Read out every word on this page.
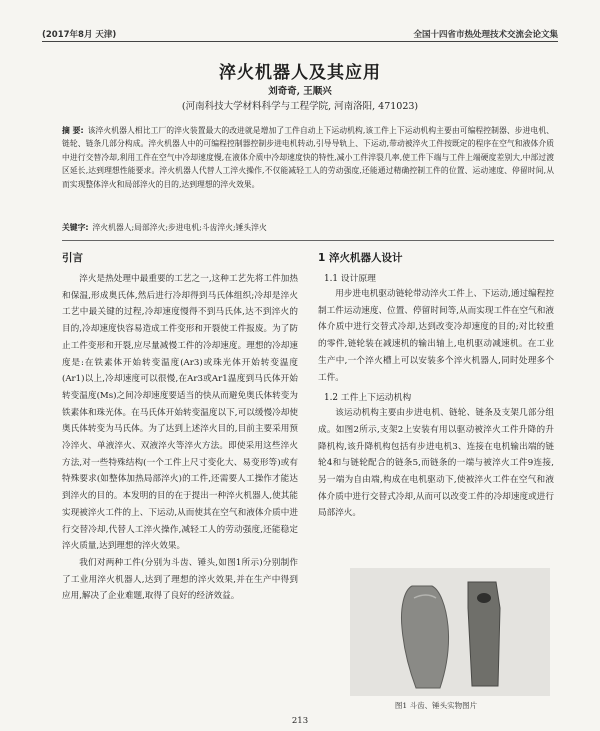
(2017年8月 天津)	全国十四省市热处理技术交流会论文集
淬火机器人及其应用
刘奇奇, 王顺兴
(河南科技大学材料科学与工程学院, 河南洛阳, 471023)
摘 要: 该淬火机器人相比工厂的淬火装置最大的改进就是增加了工件自动上下运动机构,该工件上下运动机构主要由可编程控制器、步进电机、链轮、链条几部分构成。淬火机器人中的可编程控制器控制步进电机转动,引导导轨上、下运动,带动被淬火工件按既定的程序在空气和液体介质中进行交替冷却,利用工件在空气中冷却速度慢,在液体介质中冷却速度快的特性,减小工件淬裂几率,使工件下端与工件上端硬度差别大,中部过渡区延长,达到理想性能要求。淬火机器人代替人工淬火操作,不仅能减轻工人的劳动强度,还能通过精确控制工件的位置、运动速度、停留时间,从而实现整体淬火和局部淬火的目的,达到理想的淬火效果。
关键字: 淬火机器人;局部淬火;步进电机;斗齿淬火;锤头淬火
引言

淬火是热处理中最重要的工艺之一,这种工艺先将工件加热和保温,形成奥氏体,然后进行冷却得到马氏体组织;冷却是淬火工艺中最关键的过程,冷却速度慢得不到马氏体,达不到淬火的目的,冷却速度快容易造成工件变形和开裂使工件报废。为了防止工件变形和开裂,应尽量减慢工件的冷却速度。理想的冷却速度是:在铁素体开始转变温度(Ar3)或珠光体开始转变温度(Ar1)以上,冷却速度可以很慢,在Ar3或Ar1温度到马氏体开始转变温度(Ms)之间冷却速度要适当的快从而避免奥氏体转变为铁素体和珠光体。在马氏体开始转变温度以下,可以缓慢冷却使奥氏体转变为马氏体。为了达到上述淬火目的,目前主要采用预冷淬火、单液淬火、双液淬火等淬火方法。即使采用这些淬火方法,对一些特殊结构(一个工件上尺寸变化大、易变形等)或有特殊要求(如整体加热局部淬火)的工件,还需要人工操作才能达到淬火的目的。本发明的目的在于提出一种淬火机器人,使其能实现被淬火工件的上、下运动,从而使其在空气和液体介质中进行交替冷却,代替人工淬火操作,减轻工人的劳动强度,还能稳定淬火质量,达到理想的淬火效果。

我们对两种工件(分别为斗齿、锤头,如图1所示)分别制作了工业用淬火机器人,达到了理想的淬火效果,并在生产中得到应用,解决了企业难题,取得了良好的经济效益。

1 淬火机器人设计
1.1 设计原理

用步进电机驱动链轮带动淬火工件上、下运动,通过编程控制工件运动速度、位置、停留时间等,从而实现工件在空气和液体介质中进行交替式冷却,达到改变冷却速度的目的;对比较重的零件,链轮装在减速机的输出轴上,电机驱动减速机。在工业生产中,一个淬火槽上可以安装多个淬火机器人,同时处理多个工件。

1.2 工件上下运动机构

该运动机构主要由步进电机、链轮、链条及支架几部分组成。如图2所示,支架2上安装有用以驱动被淬火工件升降的升降机构,该升降机构包括有步进电机3、连接在电机输出端的链轮4和与链轮配合的链条5,而链条的一端与被淬火工件9连接,另一端为自由端,构成在电机驱动下,使被淬火工件在空气和液体介质中进行交替式冷却,从而可以改变工件的冷却速度或进行局部淬火。

图1 斗齿、锤头实物图片
213
